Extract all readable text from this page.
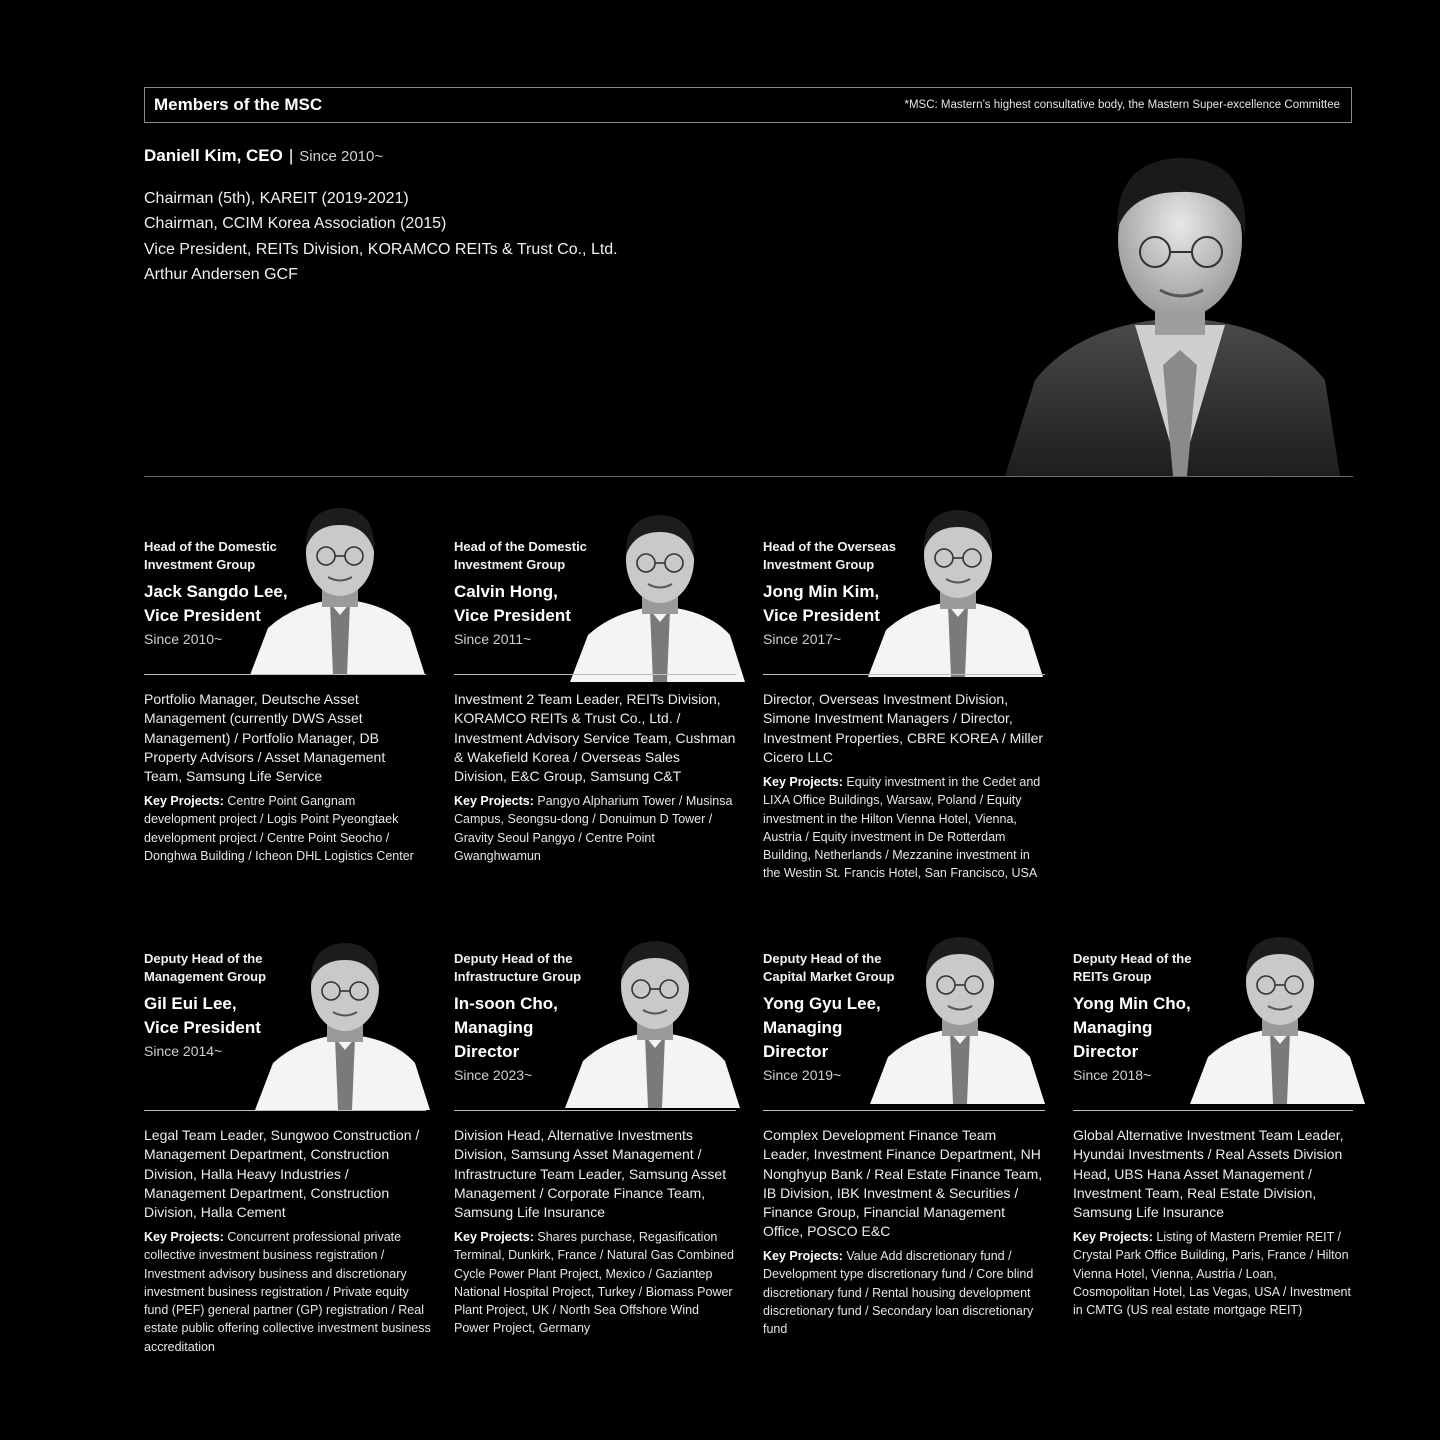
Members of the MSC	*MSC: Mastern’s highest consultative body, the Mastern Super-excellence Committee
Daniell Kim, CEO | Since 2010~
Chairman (5th), KAREIT (2019-2021)
Chairman, CCIM Korea Association (2015)
Vice President, REITs Division, KORAMCO REITs & Trust Co., Ltd.
Arthur Andersen GCF
Head of the Domestic
Investment Group
Jack Sangdo Lee,
Vice President
Since 2010~
Portfolio Manager, Deutsche Asset Management (currently DWS Asset Management) / Portfolio Manager, DB Property Advisors / Asset Management Team, Samsung Life Service
Key Projects: Centre Point Gangnam development project / Logis Point Pyeongtaek development project / Centre Point Seocho / Donghwa Building / Icheon DHL Logistics Center
Head of the Domestic
Investment Group
Calvin Hong,
Vice President
Since 2011~
Investment 2 Team Leader, REITs Division, KORAMCO REITs & Trust Co., Ltd. / Investment Advisory Service Team, Cushman & Wakefield Korea / Overseas Sales Division, E&C Group, Samsung C&T
Key Projects: Pangyo Alpharium Tower / Musinsa Campus, Seongsu-dong / Donuimun D Tower / Gravity Seoul Pangyo / Centre Point Gwanghwamun
Head of the Overseas
Investment Group
Jong Min Kim,
Vice President
Since 2017~
Director, Overseas Investment Division, Simone Investment Managers / Director, Investment Properties, CBRE KOREA / Miller Cicero LLC
Key Projects: Equity investment in the Cedet and LIXA Office Buildings, Warsaw, Poland / Equity investment in the Hilton Vienna Hotel, Vienna, Austria / Equity investment in De Rotterdam Building, Netherlands / Mezzanine investment in the Westin St. Francis Hotel, San Francisco, USA
Deputy Head of the
Management Group
Gil Eui Lee,
Vice President
Since 2014~
Legal Team Leader, Sungwoo Construction / Management Department, Construction Division, Halla Heavy Industries / Management Department, Construction Division, Halla Cement
Key Projects: Concurrent professional private collective investment business registration / Investment advisory business and discretionary investment business registration / Private equity fund (PEF) general partner (GP) registration / Real estate public offering collective investment business accreditation
Deputy Head of the
Infrastructure Group
In-soon Cho,
Managing
Director
Since 2023~
Division Head, Alternative Investments Division, Samsung Asset Management / Infrastructure Team Leader, Samsung Asset Management / Corporate Finance Team, Samsung Life Insurance
Key Projects: Shares purchase, Regasification Terminal, Dunkirk, France / Natural Gas Combined Cycle Power Plant Project, Mexico / Gaziantep National Hospital Project, Turkey / Biomass Power Plant Project, UK / North Sea Offshore Wind Power Project, Germany
Deputy Head of the
Capital Market Group
Yong Gyu Lee,
Managing
Director
Since 2019~
Complex Development Finance Team Leader, Investment Finance Department, NH Nonghyup Bank / Real Estate Finance Team, IB Division, IBK Investment & Securities / Finance Group, Financial Management Office, POSCO E&C
Key Projects: Value Add discretionary fund / Development type discretionary fund / Core blind discretionary fund / Rental housing development discretionary fund / Secondary loan discretionary fund
Deputy Head of the
REITs Group
Yong Min Cho,
Managing
Director
Since 2018~
Global Alternative Investment Team Leader, Hyundai Investments / Real Assets Division Head, UBS Hana Asset Management / Investment Team, Real Estate Division, Samsung Life Insurance
Key Projects: Listing of Mastern Premier REIT / Crystal Park Office Building, Paris, France / Hilton Vienna Hotel, Vienna, Austria / Loan, Cosmopolitan Hotel, Las Vegas, USA / Investment in CMTG (US real estate mortgage REIT)
